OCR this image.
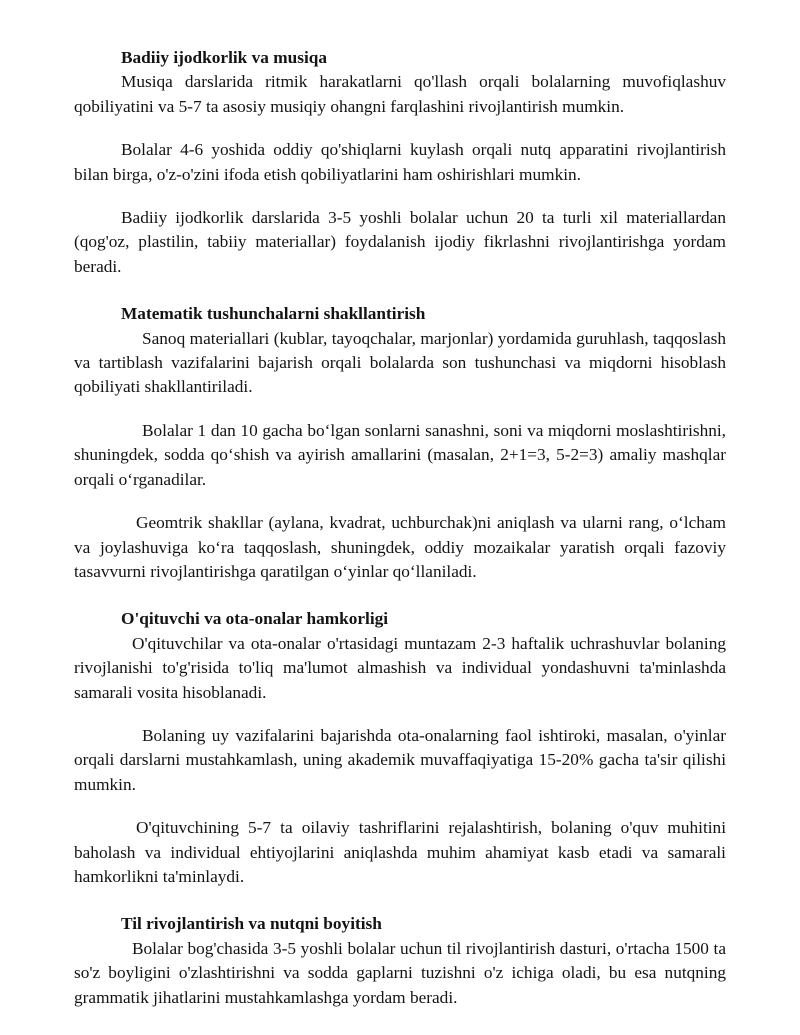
Badiiy ijodkorlik va musiqa

Musiqa darslarida ritmik harakatlarni qo'llash orqali bolalarning muvofiqlashuv qobiliyatini va 5-7 ta asosiy musiqiy ohangni farqlashini rivojlantirish mumkin.

Bolalar 4-6 yoshida oddiy qo'shiqlarni kuylash orqali nutq apparatini rivojlantirish bilan birga, o'z-o'zini ifoda etish qobiliyatlarini ham oshirishlari mumkin.

Badiiy ijodkorlik darslarida 3-5 yoshli bolalar uchun 20 ta turli xil materiallardan (qog'oz, plastilin, tabiiy materiallar) foydalanish ijodiy fikrlashni rivojlantirishga yordam beradi.

Matematik tushunchalarni shakllantirish

Sanoq materiallari (kublar, tayoqchalar, marjonlar) yordamida guruhlash, taqqoslash va tartiblash vazifalarini bajarish orqali bolalarda son tushunchasi va miqdorni hisoblash qobiliyati shakllantiriladi.

Bolalar 1 dan 10 gacha bo‘lgan sonlarni sanashni, soni va miqdorni moslashtirishni, shuningdek, sodda qo‘shish va ayirish amallarini (masalan, 2+1=3, 5-2=3) amaliy mashqlar orqali o‘rganadilar.

Geomtrik shakllar (aylana, kvadrat, uchburchak)ni aniqlash va ularni rang, o‘lcham va joylashuviga ko‘ra taqqoslash, shuningdek, oddiy mozaikalar yaratish orqali fazoviy tasavvurni rivojlantirishga qaratilgan o‘yinlar qo‘llaniladi.

O'qituvchi va ota-onalar hamkorligi

O'qituvchilar va ota-onalar o'rtasidagi muntazam 2-3 haftalik uchrashuvlar bolaning rivojlanishi to'g'risida to'liq ma'lumot almashish va individual yondashuvni ta'minlashda samarali vosita hisoblanadi.

Bolaning uy vazifalarini bajarishda ota-onalarning faol ishtiroki, masalan, o'yinlar orqali darslarni mustahkamlash, uning akademik muvaffaqiyatiga 15-20% gacha ta'sir qilishi mumkin.

O'qituvchining 5-7 ta oilaviy tashriflarini rejalashtirish, bolaning o'quv muhitini baholash va individual ehtiyojlarini aniqlashda muhim ahamiyat kasb etadi va samarali hamkorlikni ta'minlaydi.

Til rivojlantirish va nutqni boyitish

Bolalar bog'chasida 3-5 yoshli bolalar uchun til rivojlantirish dasturi, o'rtacha 1500 ta so'z boyligini o'zlashtirishni va sodda gaplarni tuzishni o'z ichiga oladi, bu esa nutqning grammatik jihatlarini mustahkamlashga yordam beradi.
